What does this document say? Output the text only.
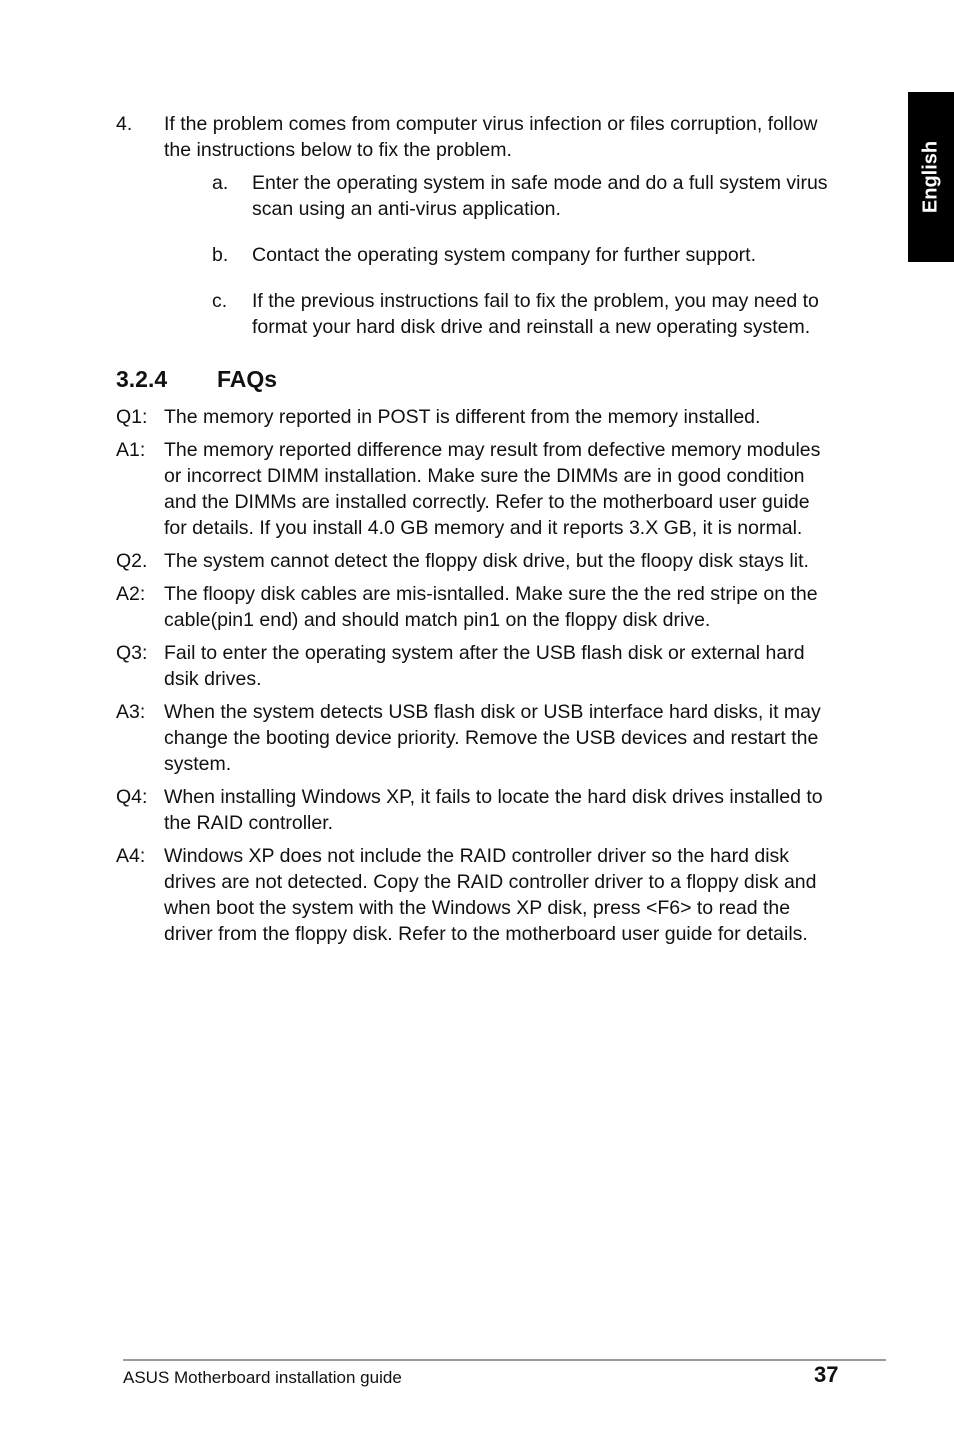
English
4.	If the problem comes from computer virus infection or files corruption, follow the instructions below to fix the problem.
a.	Enter the operating system in safe mode and do a full system virus scan using an anti-virus application.
b.	Contact the operating system company for further support.
c.	If the previous instructions fail to fix the problem, you may need to format your hard disk drive and reinstall a new operating system.
3.2.4	FAQs
Q1: The memory reported in POST is different from the memory installed.
A1: The memory reported difference may result from defective memory modules or incorrect DIMM installation. Make sure the DIMMs are in good condition and the DIMMs are installed correctly. Refer to the motherboard user guide for details. If you install 4.0 GB memory and it reports 3.X GB, it is normal.
Q2. The system cannot detect the floppy disk drive, but the floopy disk stays lit.
A2: The floopy disk cables are mis-isntalled. Make sure the the red stripe on the cable(pin1 end) and should match pin1 on the floppy disk drive.
Q3: Fail to enter the operating system after the USB flash disk or external hard dsik drives.
A3: When the system detects USB flash disk or USB interface hard disks, it may change the booting device priority. Remove the USB devices and restart the system.
Q4: When installing Windows XP, it fails to locate the hard disk drives installed to the RAID controller.
A4: Windows XP does not include the RAID controller driver so the hard disk drives are not detected. Copy the RAID controller driver to a floppy disk and when boot the system with the Windows XP disk, press <F6> to read the driver from the floppy disk. Refer to the motherboard user guide for details.
ASUS Motherboard installation guide	37
